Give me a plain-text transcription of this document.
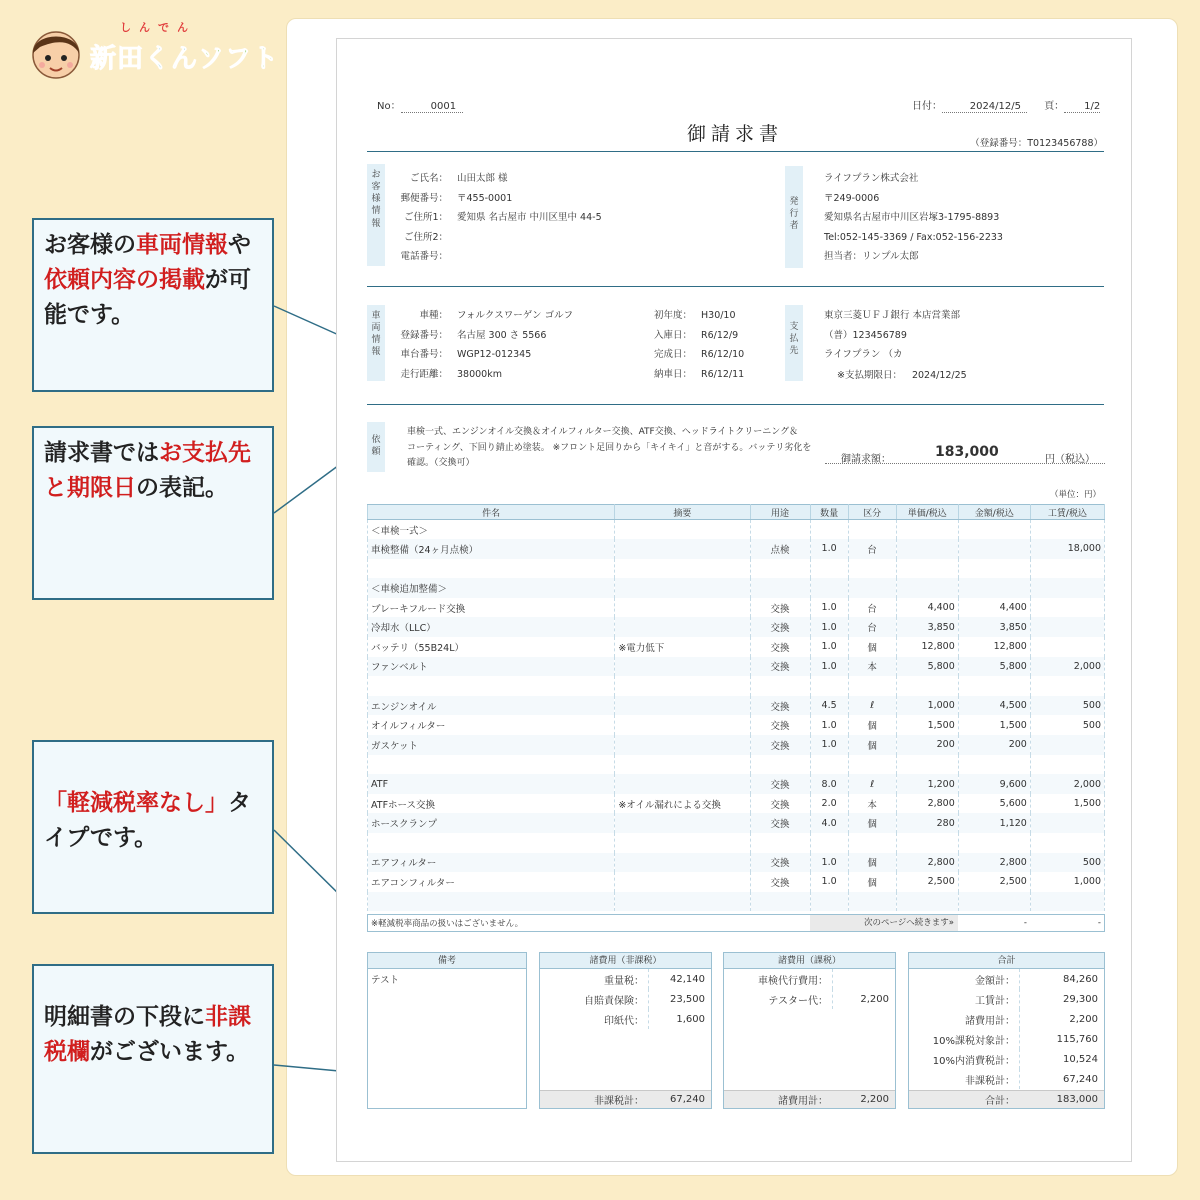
しんでん
新田くんソフト
お客様の車両情報や依頼内容の掲載が可能です。
請求書ではお支払先と期限日の表記。
「軽減税率なし」タイプです。
明細書の下段に非課税欄がございます。
No：	0001	日付：	2024/12/5 頁： 1/2
御請求書	（登録番号：T0123456788）
お
客
様
情
報
ご氏名： 山田太郎 様
郵便番号： 〒455-0001
ご住所1： 愛知県 名古屋市 中川区里中 44-5
ご住所2：
電話番号：
発
行
者
ライフプラン株式会社
〒249-0006
愛知県名古屋市中川区岩塚3-1795-8893
Tel:052-145-3369 / Fax:052-156-2233
担当者：リンプル太郎
車
両
情
報
車種： フォルクスワーゲン ゴルフ
登録番号： 名古屋 300 さ 5566
車台番号： WGP12-012345
走行距離： 38000km
初年度： H30/10
入庫日： R6/12/9
完成日： R6/12/10
納車日： R6/12/11
支
払
先
東京三菱ＵＦＪ銀行 本店営業部
（普）123456789
ライフプラン （カ
※支払期限日： 2024/12/25
依
頼
車検一式、エンジンオイル交換＆オイルフィルター交換、ATF交換、ヘッドライトクリーニング＆
コーティング、下回り錆止め塗装。 ※フロント足回りから「キイキイ」と音がする。バッテリ劣化を
確認。（交換可）	御請求額：	183,000	円（税込）
（単位：円）
件名	摘要	用途	数量	区分	単価/税込	金額/税込	工賃/税込
＜車検一式＞							
車検整備（24ヶ月点検）		点検	1.0	台			18,000

＜車検追加整備＞							
ブレーキフルード交換		交換	1.0	台	4,400	4,400	
冷却水（LLC）		交換	1.0	台	3,850	3,850	
バッテリ（55B24L）	※電力低下	交換	1.0	個	12,800	12,800	
ファンベルト		交換	1.0	本	5,800	5,800	2,000

エンジンオイル		交換	4.5	ℓ	1,000	4,500	500
オイルフィルター		交換	1.0	個	1,500	1,500	500
ガスケット		交換	1.0	個	200	200	

ATF		交換	8.0	ℓ	1,200	9,600	2,000
ATFホース交換	※オイル漏れによる交換	交換	2.0	本	2,800	5,600	1,500
ホースクランプ		交換	4.0	個	280	1,120	

エアフィルター		交換	1.0	個	2,800	2,800	500
エアコンフィルター		交換	1.0	個	2,500	2,500	1,000

※軽減税率商品の扱いはございません。	次のページへ続きます»	-	-
備考
テスト
諸費用（非課税）
重量税：	42,140
自賠責保険：	23,500
印紙代：	1,600
非課税計：	67,240
諸費用（課税）
車検代行費用：
テスター代：	2,200
諸費用計：	2,200
合計
金額計：	84,260
工賃計：	29,300
諸費用計：	2,200
10%課税対象計：	115,760
10%内消費税計：	10,524
非課税計：	67,240
合計：	183,000
